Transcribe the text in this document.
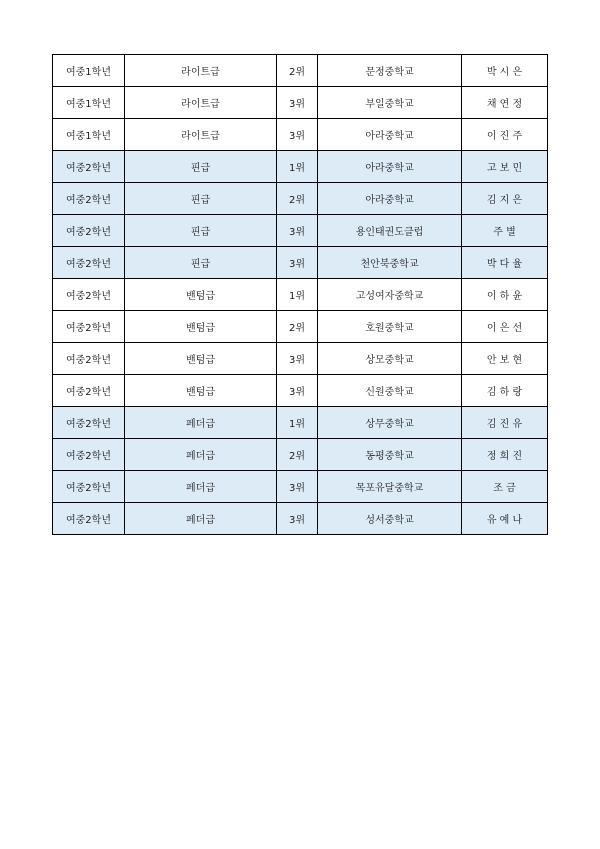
여중1학년	라이트급	2위	문정중학교	박 시 은
여중1학년	라이트급	3위	부일중학교	채 연 정
여중1학년	라이트급	3위	아라중학교	이 진 주
여중2학년	핀급	1위	아라중학교	고 보 민
여중2학년	핀급	2위	아라중학교	김 지 은
여중2학년	핀급	3위	용인태권도클럽	주 별
여중2학년	핀급	3위	천안북중학교	박 다 율
여중2학년	밴텀급	1위	고성여자중학교	이 하 윤
여중2학년	밴텀급	2위	호원중학교	이 은 선
여중2학년	밴텀급	3위	상모중학교	안 보 현
여중2학년	밴텀급	3위	신원중학교	김 하 랑
여중2학년	페더급	1위	상무중학교	김 진 유
여중2학년	페더급	2위	동평중학교	정 희 진
여중2학년	페더급	3위	목포유달중학교	조 금
여중2학년	페더급	3위	성서중학교	유 예 나
